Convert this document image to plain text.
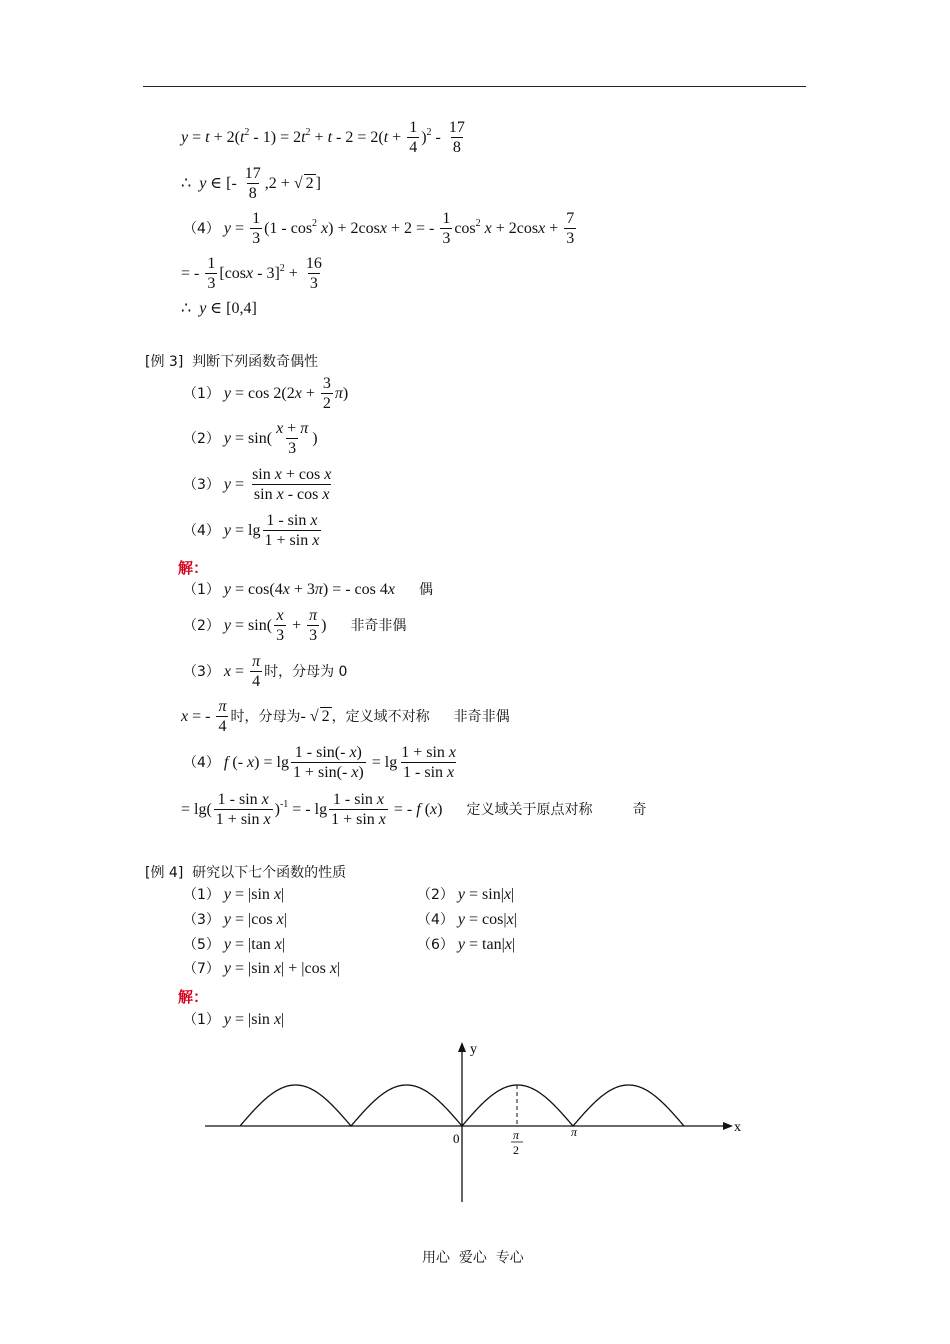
$y = t + 2(t^2 - 1) = 2t^2 + t - 2 = 2(t + \frac{1}{4} )^2 - \frac{17}{8}$
∴  y ∈ [- $\frac{17}{8} ,2$ + √ 2 ]
（4） $y = \frac{1}{3} (1 - \cos^2 x) + 2\cos x + 2$ = - $\frac{1}{3} \cos^2 x + 2\cos x + \frac{7}{3}$
= - $\frac{1}{3} [\cos x - 3]^2 + \frac{16}{3}$
∴  y ∈ [0,4]
[例 3]  判断下列函数奇偶性
（1） $y = \cos 2(2x + \frac{3}{2} \pi)$
（2） $y = \sin( \frac{x + \pi}{3}$ )
（3） $y = \frac{\text{sin x + cos x}}{\text{sin x - cos x}}$
（4） $y = \lg \frac{\text{1 - sin x}}{\text{1 + sin x}}$
解：
（1） y = cos(4x + 3π) = - cos 4x 偶
（2） $y = \sin( \frac{x}{3} + \frac{\pi}{3}$ ) 非奇非偶
（3） $x = \frac{\pi}{4}$ 时，分母为 0
x = - $\frac{\pi}{4}$ 时，分母为 - √ 2 ，定义域不对称 非奇非偶
（4） f (- $x) = \lg \frac{1 - \sin(- x)}{1 + \sin(- x)} = \lg \frac{\text{1 + sin x}}{\text{1 - sin x}}$
= $\lg( \frac{\text{1 - sin x}}{\text{1 + sin x}} )^{-1}$ = - $\lg \frac{\text{1 - sin x}}{\text{1 + sin x}}$ = - f (x) 定义域关于原点对称	奇
[例 4]  研究以下七个函数的性质
（1） y = |sin x|	（2） y = sin|x|
（3） y = |cos x|	（4） y = cos|x|
（5） y = |tan x|	（6） y = tan|x|
（7） y = |sin x| + |cos x|
解：
（1） y = |sin x|
x
y
0	π
2
π
用心  爱心  专心
